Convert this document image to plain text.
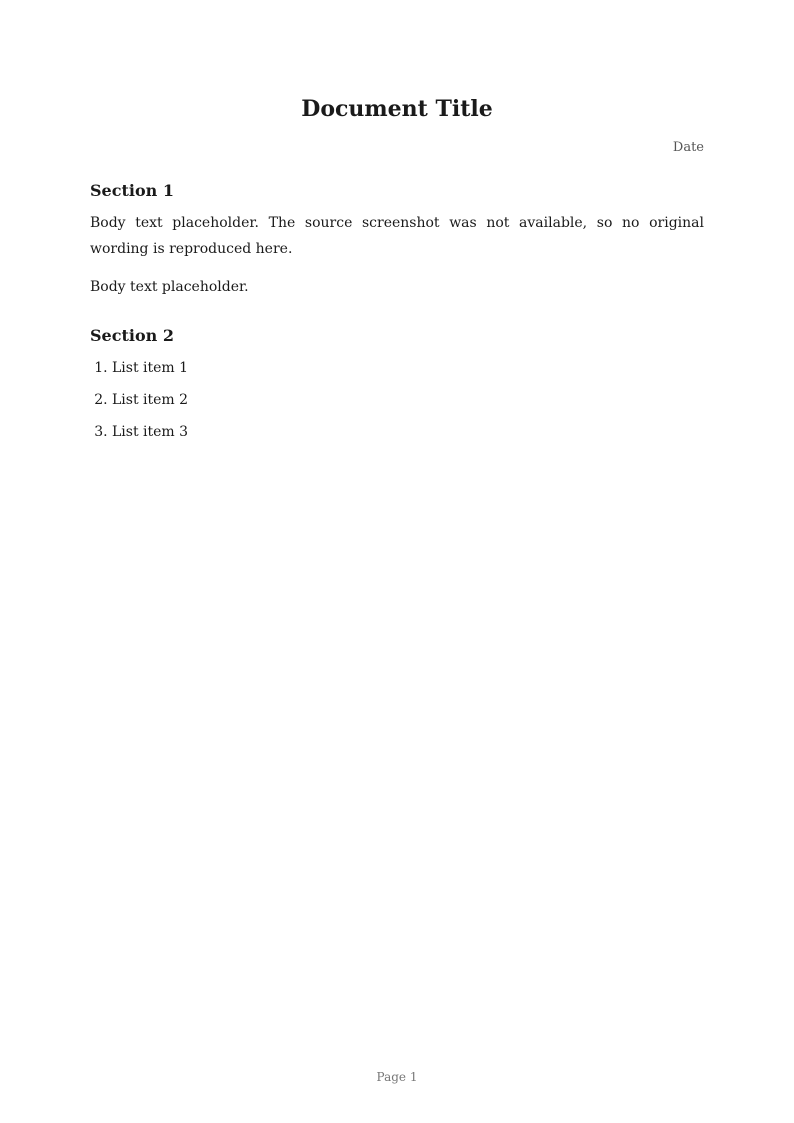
Document Title
Date
Section 1

Body text placeholder. The source screenshot was not available, so no original wording is reproduced here.

Body text placeholder.

Section 2
1. List item 1
2. List item 2
3. List item 3
Page 1
